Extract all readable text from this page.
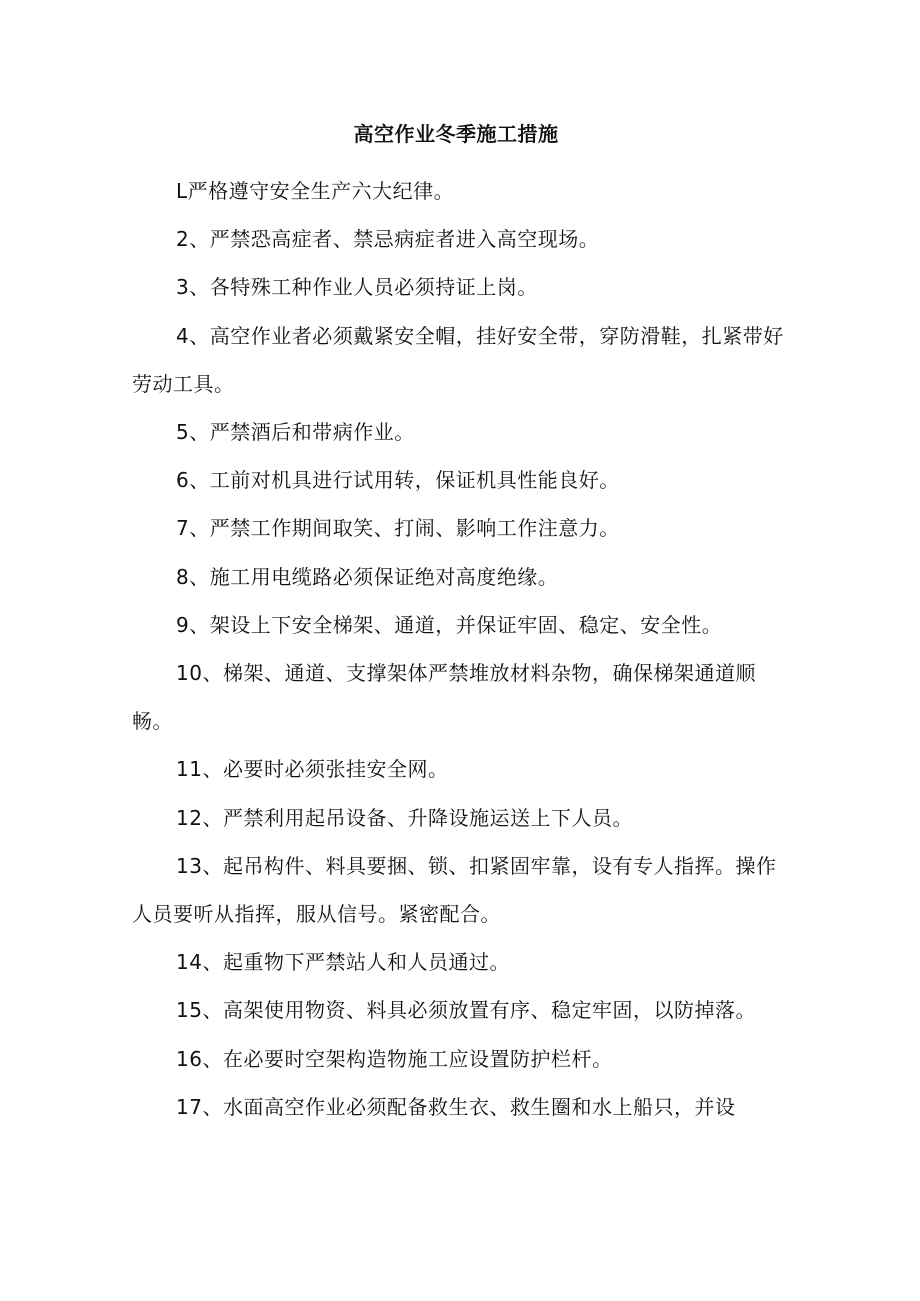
高空作业冬季施工措施

L严格遵守安全生产六大纪律。

2、严禁恐高症者、禁忌病症者进入高空现场。

3、各特殊工种作业人员必须持证上岗。

4、高空作业者必须戴紧安全帽，挂好安全带，穿防滑鞋，扎紧带好劳动工具。

5、严禁酒后和带病作业。

6、工前对机具进行试用转，保证机具性能良好。

7、严禁工作期间取笑、打闹、影响工作注意力。

8、施工用电缆路必须保证绝对高度绝缘。

9、架设上下安全梯架、通道，并保证牢固、稳定、安全性。

10、梯架、通道、支撑架体严禁堆放材料杂物，确保梯架通道顺畅。

11、必要时必须张挂安全网。

12、严禁利用起吊设备、升降设施运送上下人员。

13、起吊构件、料具要捆、锁、扣紧固牢靠，设有专人指挥。操作人员要听从指挥，服从信号。紧密配合。

14、起重物下严禁站人和人员通过。

15、高架使用物资、料具必须放置有序、稳定牢固，以防掉落。

16、在必要时空架构造物施工应设置防护栏杆。

17、水面高空作业必须配备救生衣、救生圈和水上船只，并设
